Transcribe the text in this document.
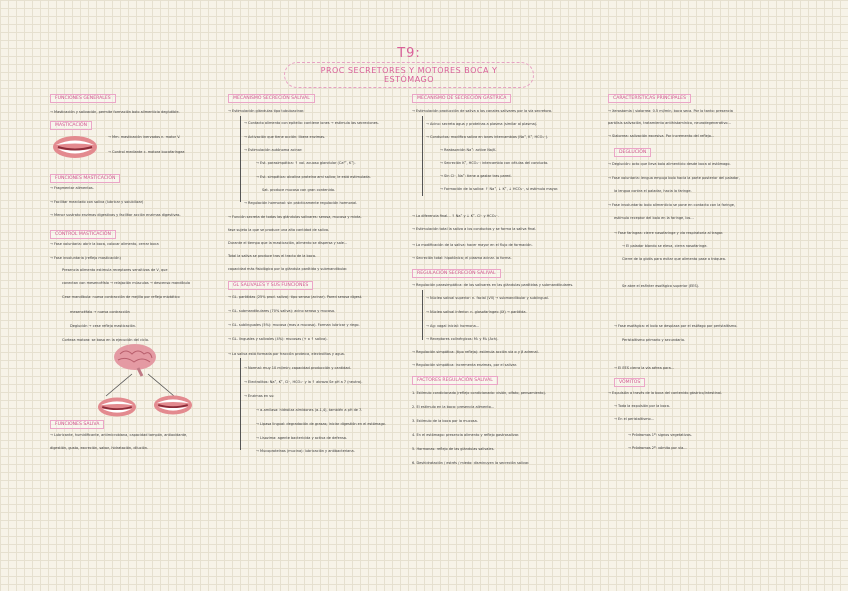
T9:
PROC SECRETORES Y MOTORES BOCA Y ESTÓMAGO
FUNCIONES GENERALES
→ Masticación y salivación, permite formación bolo alimenticio deglutible.
MASTICACIÓN
→ Mm. masticación inervados n. motor V.
→ Control mediante c. motora bucofaríngea
FUNCIONES MASTICACIÓN
→ Fragmentar alimentos.
→ Facilitar mezclado con saliva (lubricar y solubilizar)
→ Menor sustrato enzimas digestivas y facilitar acción enzimas digestivas.
CONTROL MASTICACIÓN
→ Fase voluntaria: abrir la boca, colocar alimento, cerrar boca
→ Fase involuntaria (reflejo masticación)
Presencia alimento estimula receptores sensitivos de V, que
conectan con mesencéfalo → relajación músculos → descenso mandíbula
Cese mandíbula: nueva contracción de mejilla por reflejo miotático
mesencéfalo → nueva contracción
Deglución → cese reflejo masticación.
Corteza motora: se basa en la ejecución del ciclo.
FUNCIONES SALIVA
→ Lubricante, humidificante, antimicrobiana, capacidad tampón, antioxidante,
digestión, gusto, excreción, sabor, hidratación, dilución.
MECANISMO SECRECIÓN SALIVAL
→ Estimulación glándulas tipo tubuloacinar.
→ Contacto alimento con epitelio: contiene iones → estimula las secreciones.
→ Activación que tiene acción: libera enzimas.
→ Estimulación autónoma acinar:
→ Est. parasimpática: ↑ vol. acuoso glandular (Ca²⁺, K⁺).
→ Est. simpática: alcalina proteína ami saliva; le está estimulada.
Sat. produce mucosa con gran contenido.
→ Regulación hormonal: sin prácticamente regulación hormonal.
→ Función secreta de todas las glándulas salivares: serosa, mucosa y mixta.
fase sujeto la que se produce una alta cantidad de saliva.
Durante el tiempo que la masticación, alimento se dispersa y sale...
Total la saliva se produce tras el tracto de la boca.
capacidad más fisiológica por la glándula parótida y submandibular.
GL SALIVALES Y SUS FUNCIONES
→ GL. parótidas (25% prod. saliva): tipo seroso (acinar). Pared serosa digest.
→ GL. submandibulares (70% saliva): acino seroso y mucoso.
→ GL. sublinguales (5%): mucosa (mas a mucoso). Forman lubricar y riego.
→ GL. linguales y salivales (4%): mucosas (+ o ↑ saliva).
→ La saliva está formada por fracción proteica, electrolitos y agua.
→ Normal: muy 10 ml/min; capacidad producción y cantidad.
→ Electrolitos: Na⁺, K⁺, Cl⁻, HCO₃⁻ y la ↑ abraza Se pH a 7 (neutro).
→ Enzimas en su:
→ α-amilasa: hidroliza almidones (α-1,4), también a pH de 7.
→ Lipasa lingual: degradación de grasas; iniciar digestión en el estómago.
→ Lisozima: agente bactericida y activa de defensa.
→ Mucoproteínas (mucina): lubricación y antibacteriana.
MECANISMO DE SECRECIÓN GÁSTRICA
→ Estimulación producción de saliva a los canales salivares por la vía secretora.
→ Acino: secreta agua y proteínas a plasma (similar al plasma).
→ Conductos: modifica saliva en iones intercambios (Na⁺, K⁺, HCO₃⁻).
→ Reabsorción Na⁺: active Na/K.
→ Secreción K⁺, HCO₃⁻: intercambio con células del conducto.
→ Sin Cl⁻, Na⁺: tiene a gastar tras pared.
→ Formación de la saliva: ↑ Na⁺, ↓ K⁺, ↓ HCO₃⁻, si estímulo mayor.
→ La diferencia final... ↑ Na⁺ y ↓ K⁺. Cl⁻ y HCO₃⁻.
→ Estimulación total la saliva a los conductos y se forma la saliva final.
→ La modificación de la saliva: hacer mayor en el flujo de formación.
→ Secreción total: hipotónica; el plasma acinar. la forma.
REGULACIÓN SECRECIÓN SALIVAL
→ Regulación parasimpática: de los salivares en las glándulas parótidas y submandibulares.
→ Núcleo salival superior: n. facial (VII) → submandibular y sublingual.
→ Núcleo salival inferior: n. glosofaríngeo (IX) → parótida.
→ Ag: vagal inicial: hormona...
→ Receptores colinérgicos: M₁ y M₃ (Ach).
→ Regulación simpática: (tipo refleja): estimula acción vía α y β adrenal.
→ Regulación simpática: incrementa enzimas, por el salivar.
FACTORES REGULACIÓN SALIVAL
1. Estímulo condicionado (reflejo condicionado: visión, olfato, pensamiento).
2. El estímulo en la boca: presencia alimento...
3. Estímulo de la boca por la mucosa.
4. En el estómago: presencia alimento y reflejo gastrosalivar.
5. Hormonas: reflejo de las glándulas salivales.
6. Deshidratación / estrés / miedo: disminuyen la secreción salivar.
CARACTERÍSTICAS PRINCIPALES
→ Xerostomía / sialorrea: 0.5 ml/min, boca seca. Por lo tanto: presencia
parálisis salivación, tratamiento antihistamínico, neurodegenerativo...
→ Sialorrea: salivación excesiva. Por incremento del reflejo...
DEGLUCIÓN
→ Deglución: acto que lleva bolo alimenticio desde boca al estómago.
→ Fase voluntaria: lengua empuja bolo hacia la parte posterior del paladar,
la lengua contra el paladar, hacia la faringe.
→ Fase involuntaria: bolo alimenticio se pone en contacto con la faringe,
estímulo receptor del bolo en la faringe, los...
→ Fase faríngea: cierre nasofaringe y vía respiratoria al tragar.
→ El paladar blando se eleva, cierra nasofaringe.
Cierre de la glotis para evitar que alimento pase a tráquea.
Se abre el esfínter esofágico superior (EES).
→ Fase esofágica: el bolo se desplaza por el esófago por peristaltismo.
Peristaltismo primario y secundario.
→ El EES cierra la vía aérea para...
VÓMITOS
→ Expulsión a través de la boca del contenido gástrico/intestinal.
→ Toda la expulsión por la boca.
→ En el peristaltismo...
→ Pródromos 1º: signos vegetativos.
→ Pródromos 2º: vómito por vía...
